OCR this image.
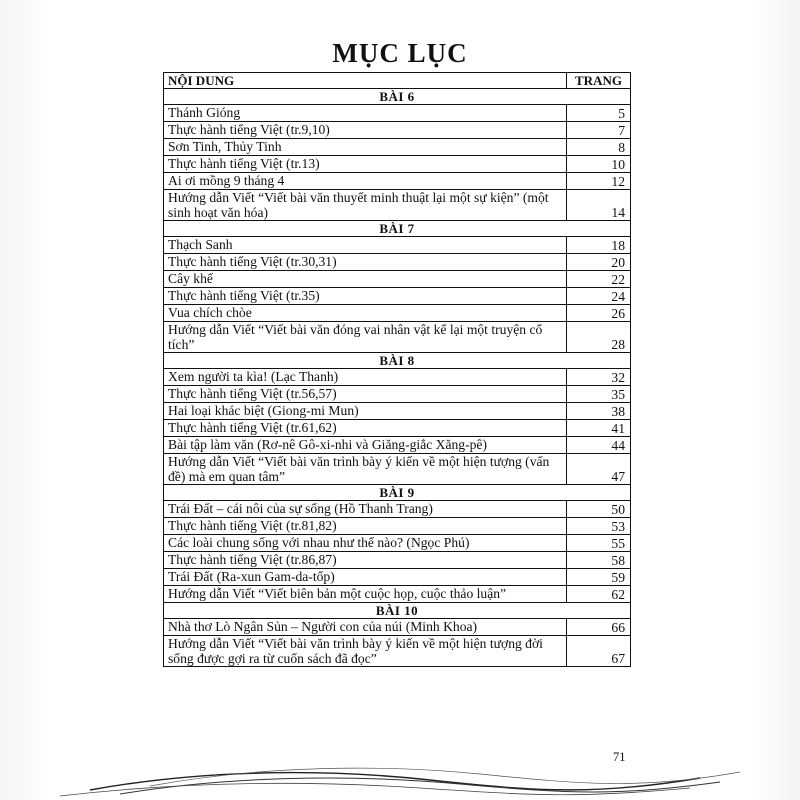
MỤC LỤC
NỘI DUNG	TRANG
BÀI 6	
Thánh Gióng	5
Thực hành tiếng Việt (tr.9,10)	7
Sơn Tinh, Thủy Tinh	8
Thực hành tiếng Việt (tr.13)	10
Ai ơi mồng 9 tháng 4	12
Hướng dẫn Viết “Viết bài văn thuyết minh thuật lại một sự kiện” (một sinh hoạt văn hóa)	14
BÀI 7	
Thạch Sanh	18
Thực hành tiếng Việt (tr.30,31)	20
Cây khế	22
Thực hành tiếng Việt (tr.35)	24
Vua chích chòe	26
Hướng dẫn Viết “Viết bài văn đóng vai nhân vật kể lại một truyện cổ tích”	28
BÀI 8	
Xem người ta kìa! (Lạc Thanh)	32
Thực hành tiếng Việt (tr.56,57)	35
Hai loại khác biệt (Giong-mi Mun)	38
Thực hành tiếng Việt (tr.61,62)	41
Bài tập làm văn (Rơ-nê Gô-xi-nhi và Giăng-giắc Xăng-pê)	44
Hướng dẫn Viết “Viết bài văn trình bày ý kiến về một hiện tượng (vấn đề) mà em quan tâm”	47
BÀI 9	
Trái Đất – cái nôi của sự sống (Hồ Thanh Trang)	50
Thực hành tiếng Việt (tr.81,82)	53
Các loài chung sống với nhau như thế nào? (Ngọc Phú)	55
Thực hành tiếng Việt (tr.86,87)	58
Trái Đất (Ra-xun Gam-da-tốp)	59
Hướng dẫn Viết “Viết biên bản một cuộc họp, cuộc thảo luận”	62
BÀI 10	
Nhà thơ Lò Ngân Sủn – Người con của núi (Minh Khoa)	66
Hướng dẫn Viết “Viết bài văn trình bày ý kiến về một hiện tượng đời sống được gợi ra từ cuốn sách đã đọc”	67
71
